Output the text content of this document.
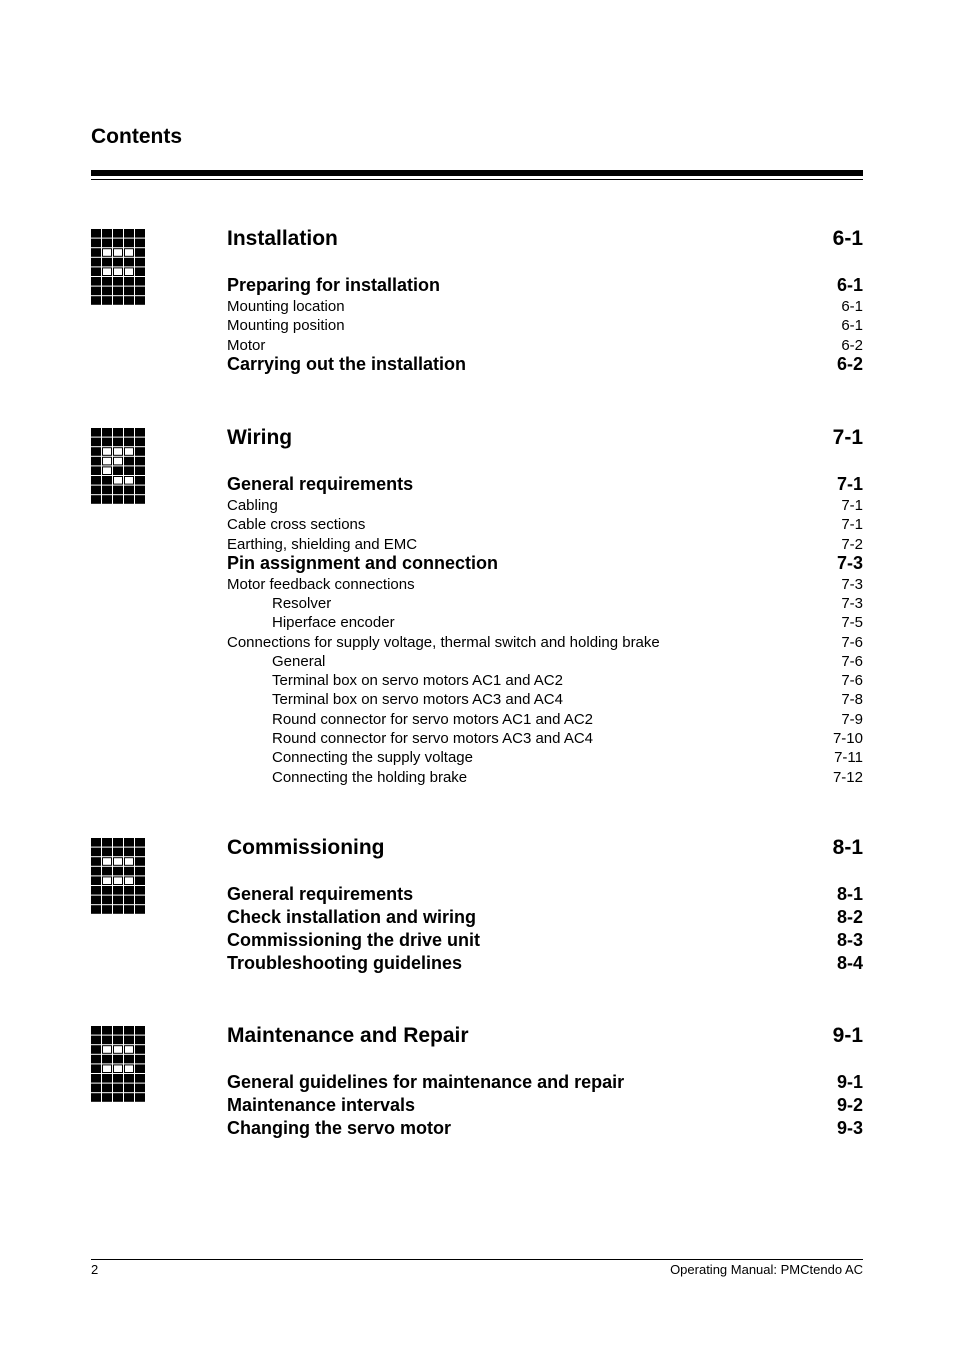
Contents
Installation	6-1
Preparing for installation	6-1
Mounting location	6-1
Mounting position	6-1
Motor	6-2
Carrying out the installation	6-2
Wiring	7-1
General requirements	7-1
Cabling	7-1
Cable cross sections	7-1
Earthing, shielding and EMC	7-2
Pin assignment and connection	7-3
Motor feedback connections	7-3
Resolver	7-3
Hiperface encoder	7-5
Connections for supply voltage, thermal switch and holding brake	7-6
General	7-6
Terminal box on servo motors AC1 and AC2	7-6
Terminal box on servo motors AC3 and AC4	7-8
Round connector for servo motors AC1 and AC2	7-9
Round connector for servo motors AC3 and AC4	7-10
Connecting the supply voltage	7-11
Connecting the holding brake	7-12
Commissioning	8-1
General requirements	8-1
Check installation and wiring	8-2
Commissioning the drive unit	8-3
Troubleshooting guidelines	8-4
Maintenance and Repair	9-1
General guidelines for maintenance and repair	9-1
Maintenance intervals	9-2
Changing the servo motor	9-3
2	Operating Manual: PMCtendo AC
